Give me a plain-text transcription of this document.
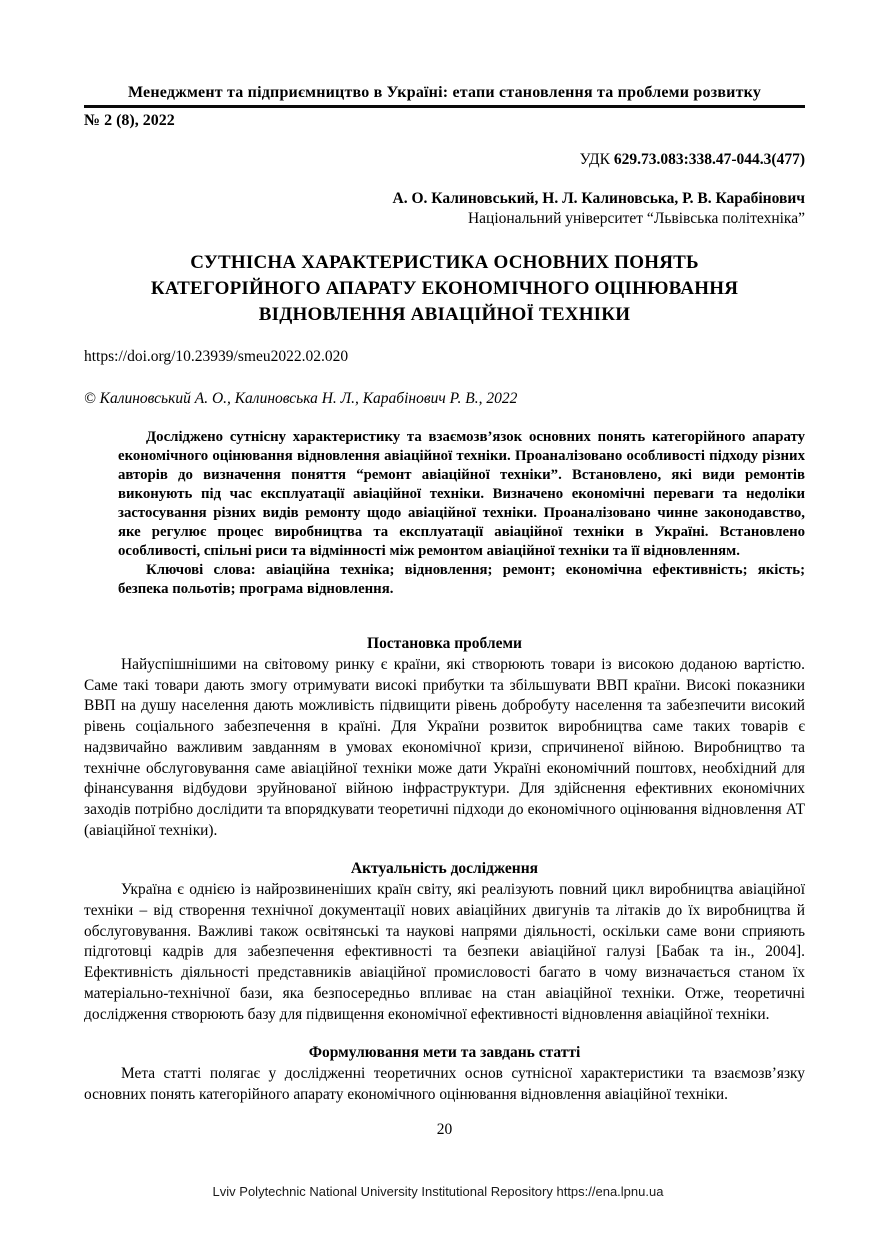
Менеджмент та підприємництво в Україні: етапи становлення та проблеми розвитку
№ 2 (8), 2022
УДК 629.73.083:338.47-044.3(477)
А. О. Калиновський, Н. Л. Калиновська, Р. В. Карабінович
Національний університет “Львівська політехніка”
СУТНІСНА ХАРАКТЕРИСТИКА ОСНОВНИХ ПОНЯТЬ
КАТЕГОРІЙНОГО АПАРАТУ ЕКОНОМІЧНОГО ОЦІНЮВАННЯ
ВІДНОВЛЕННЯ АВІАЦІЙНОЇ ТЕХНІКИ
https://doi.org/10.23939/smeu2022.02.020
© Калиновський А. О., Калиновська Н. Л., Карабінович Р. В., 2022

Досліджено сутнісну характеристику та взаємозв’язок основних понять категорійного апарату економічного оцінювання відновлення авіаційної техніки. Проаналізовано особливості підходу різних авторів до визначення поняття “ремонт авіаційної техніки”. Встановлено, які види ремонтів виконують під час експлуатації авіаційної техніки. Визначено економічні переваги та недоліки застосування різних видів ремонту щодо авіаційної техніки. Проаналізовано чинне законодавство, яке регулює процес виробництва та експлуатації авіаційної техніки в Україні. Встановлено особливості, спільні риси та відмінності між ремонтом авіаційної техніки та її відновленням.

Ключові слова: авіаційна техніка; відновлення; ремонт; економічна ефективність; якість; безпека польотів; програма відновлення.

Постановка проблеми

Найуспішнішими на світовому ринку є країни, які створюють товари із високою доданою вартістю. Саме такі товари дають змогу отримувати високі прибутки та збільшувати ВВП країни. Високі показники ВВП на душу населення дають можливість підвищити рівень добробуту населення та забезпечити високий рівень соціального забезпечення в країні. Для України розвиток виробництва саме таких товарів є надзвичайно важливим завданням в умовах економічної кризи, спричиненої війною. Виробництво та технічне обслуговування саме авіаційної техніки може дати Україні економічний поштовх, необхідний для фінансування відбудови зруйнованої війною інфраструктури. Для здійснення ефективних економічних заходів потрібно дослідити та впорядкувати теоретичні підходи до економічного оцінювання відновлення АТ (авіаційної техніки).

Актуальність дослідження

Україна є однією із найрозвиненіших країн світу, які реалізують повний цикл виробництва авіаційної техніки – від створення технічної документації нових авіаційних двигунів та літаків до їх виробництва й обслуговування. Важливі також освітянські та наукові напрями діяльності, оскільки саме вони сприяють підготовці кадрів для забезпечення ефективності та безпеки авіаційної галузі [Бабак та ін., 2004]. Ефективність діяльності представників авіаційної промисловості багато в чому визначається станом їх матеріально-технічної бази, яка безпосередньо впливає на стан авіаційної техніки. Отже, теоретичні дослідження створюють базу для підвищення економічної ефективності відновлення авіаційної техніки.

Формулювання мети та завдань статті

Мета статті полягає у дослідженні теоретичних основ сутнісної характеристики та взаємозв’язку основних понять категорійного апарату економічного оцінювання відновлення авіаційної техніки.

20
Lviv Polytechnic National University Institutional Repository https://ena.lpnu.ua
